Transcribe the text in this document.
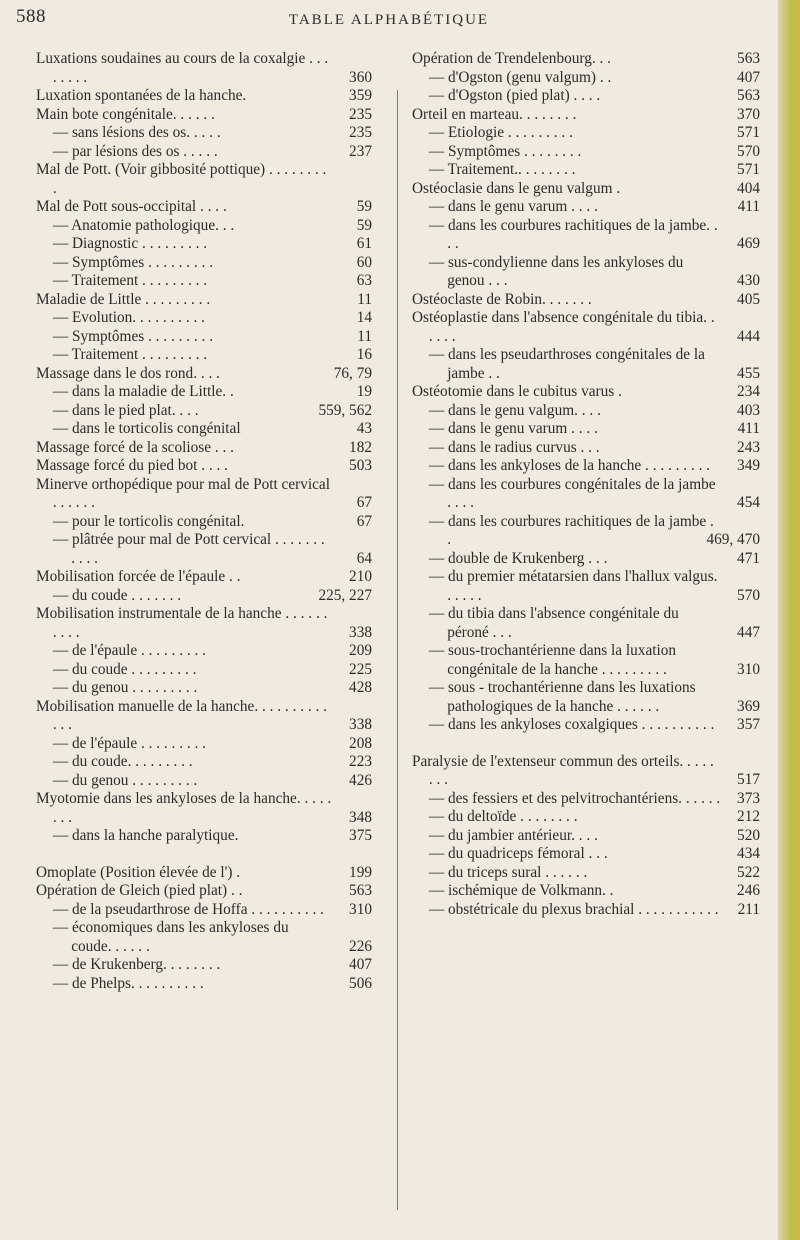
588	TABLE ALPHABÉTIQUE
Luxations soudaines au cours de la coxalgie . . . . . . . .	360
Luxation spontanées de la hanche.	359
Main bote congénitale. . . . . .	235
— sans lésions des os. . . . .	235
— par lésions des os . . . . .	237
Mal de Pott. (Voir gibbosité pottique) . . . . . . . . .
Mal de Pott sous-occipital . . . .	59
— Anatomie pathologique. . .	59
— Diagnostic . . . . . . . . .	61
— Symptômes . . . . . . . . .	60
— Traitement . . . . . . . . .	63
Maladie de Little . . . . . . . . .	11
— Evolution. . . . . . . . . .	14
— Symptômes . . . . . . . . .	11
— Traitement . . . . . . . . .	16
Massage dans le dos rond. . . .	76, 79
— dans la maladie de Little. .	19
— dans le pied plat. . . .	559, 562
— dans le torticolis congénital	43
Massage forcé de la scoliose . . .	182
Massage forcé du pied bot . . . .	503
Minerve orthopédique pour mal de Pott cervical . . . . . .	67
— pour le torticolis congénital.	67
— plâtrée pour mal de Pott cervical . . . . . . . . . . .	64
Mobilisation forcée de l'épaule . .	210
— du coude . . . . . . .	225, 227
Mobilisation instrumentale de la hanche . . . . . . . . . .	338
— de l'épaule . . . . . . . . .	209
— du coude . . . . . . . . .	225
— du genou . . . . . . . . .	428
Mobilisation manuelle de la hanche. . . . . . . . . . . . .	338
— de l'épaule . . . . . . . . .	208
— du coude. . . . . . . . .	223
— du genou . . . . . . . . .	426
Myotomie dans les ankyloses de la hanche. . . . . . . .	348
— dans la hanche paralytique.	375
Omoplate (Position élevée de l') .	199
Opération de Gleich (pied plat) . .	563
— de la pseudarthrose de Hoffa . . . . . . . . . . 310
— économiques dans les ankyloses du coude. . . . . .	226
— de Krukenberg. . . . . . . .	407
— de Phelps. . . . . . . . . .	506
Opération de Trendelenbourg. . .	563
— d'Ogston (genu valgum) . .	407
— d'Ogston (pied plat) . . . .	563
Orteil en marteau. . . . . . . .	370
— Etiologie . . . . . . . . .	571
— Symptômes . . . . . . . .	570
— Traitement.. . . . . . . .	571
Ostéoclasie dans le genu valgum .	404
— dans le genu varum . . . .	411
— dans les courbures rachitiques de la jambe. . . .	469
— sus-condylienne dans les ankyloses du genou . . .	430
Ostéoclaste de Robin. . . . . . .	405
Ostéoplastie dans l'absence congénitale du tibia. . . . . .	444
— dans les pseudarthroses congénitales de la jambe . .	455
Ostéotomie dans le cubitus varus .	234
— dans le genu valgum. . . .	403
— dans le genu varum . . . .	411
— dans le radius curvus . . .	243
— dans les ankyloses de la hanche . . . . . . . . . 349
— dans les courbures congénitales de la jambe . . . .	454
— dans les courbures rachitiques de la jambe . .	469, 470
— double de Krukenberg . . .	471
— du premier métatarsien dans l'hallux valgus. . . . . .	570
— du tibia dans l'absence congénitale du péroné . . .	447
— sous-trochantérienne dans la luxation congénitale de la hanche . . . . . . . . .	310
— sous - trochantérienne dans les luxations pathologiques de la hanche . . . . . .	369
— dans les ankyloses coxalgiques . . . . . . . . . . 357
Paralysie de l'extenseur commun des orteils. . . . . . . .	517
— des fessiers et des pelvitrochantériens. . . . . . 373
— du deltoïde . . . . . . . .	212
— du jambier antérieur. . . .	520
— du quadriceps fémoral . . .	434
— du triceps sural . . . . . .	522
— ischémique de Volkmann. .	246
— obstétricale du plexus brachial . . . . . . . . . . . 211
